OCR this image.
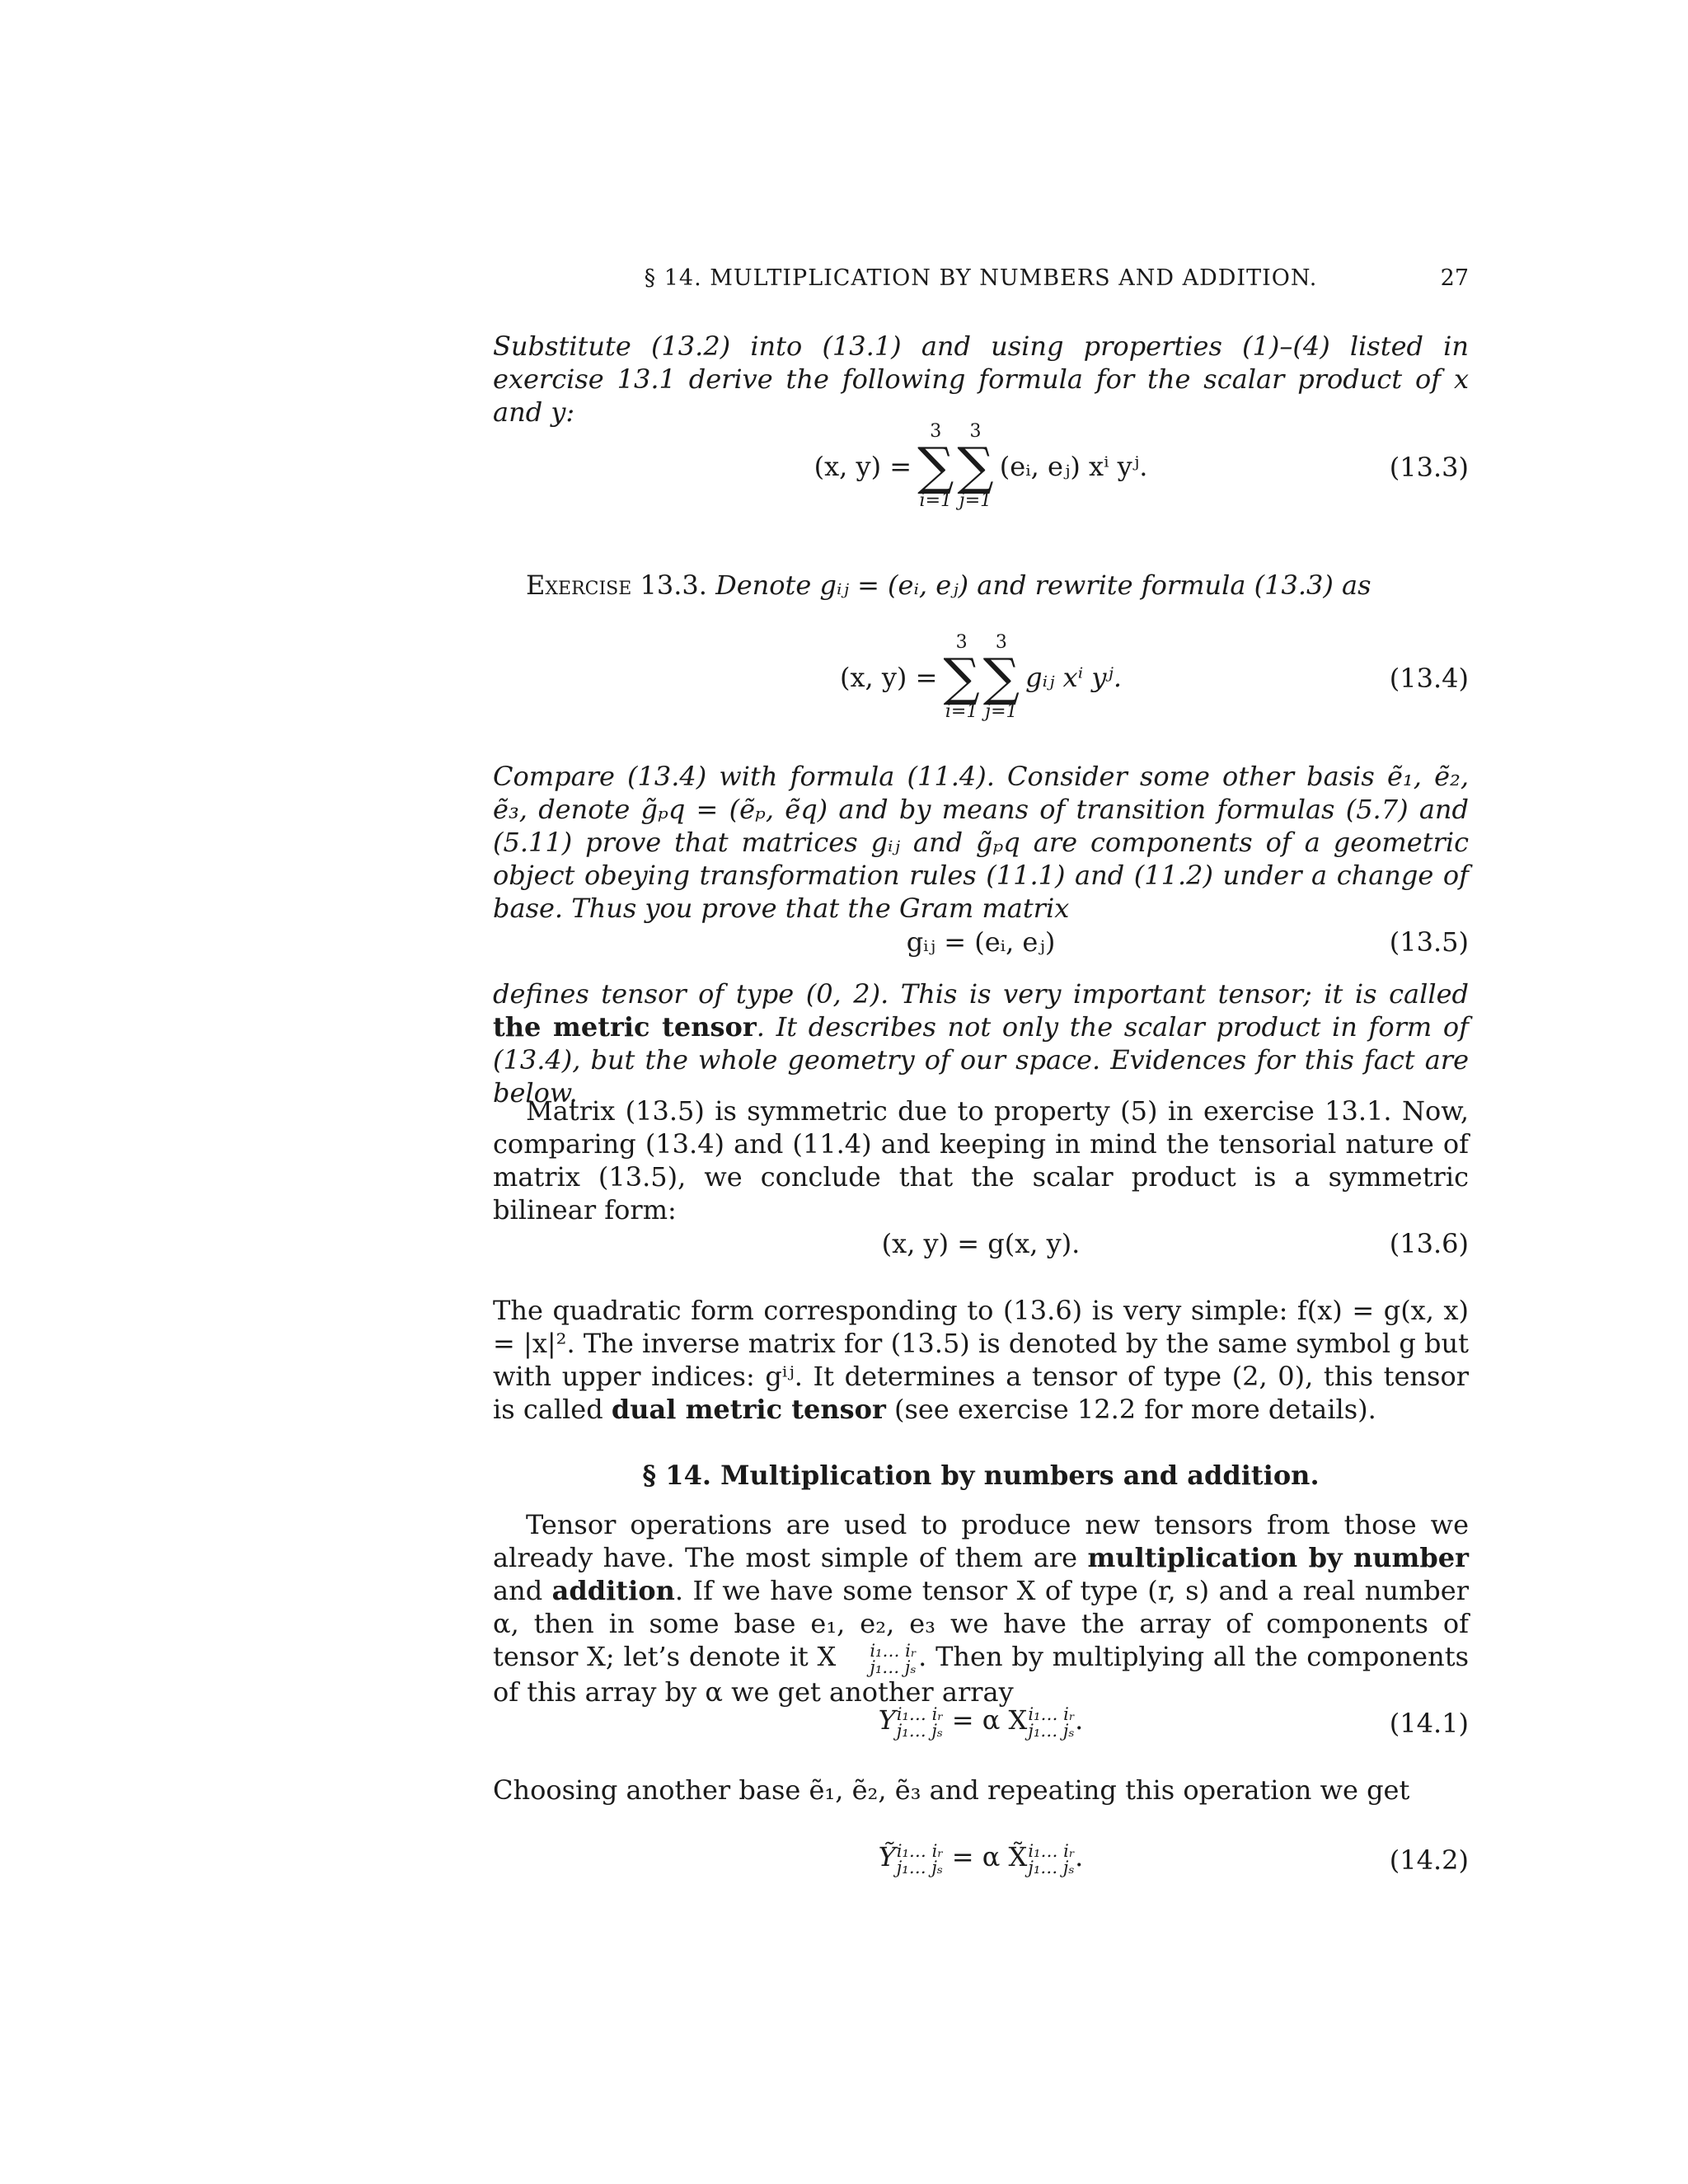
§ 14. MULTIPLICATION BY NUMBERS AND ADDITION.	27

Substitute (13.2) into (13.1) and using properties (1)–(4) listed in exercise 13.1 derive the following formula for the scalar product of x and y:

(x, y) =
3
∑
i=1
3
∑
j=1
(eᵢ, eⱼ) xⁱ yʲ.	(13.3)

Exercise 13.3. Denote gᵢⱼ = (eᵢ, eⱼ) and rewrite formula (13.3) as

(x, y) =
3
∑
i=1
3
∑
j=1
gᵢⱼ xⁱ yʲ.	(13.4)

Compare (13.4) with formula (11.4). Consider some other basis ẽ₁, ẽ₂, ẽ₃, denote g̃ₚq = (ẽₚ, ẽq) and by means of transition formulas (5.7) and (5.11) prove that matrices gᵢⱼ and g̃ₚq are components of a geometric object obeying transformation rules (11.1) and (11.2) under a change of base. Thus you prove that the Gram matrix

gᵢⱼ = (eᵢ, eⱼ)	(13.5)

defines tensor of type (0, 2). This is very important tensor; it is called the metric tensor. It describes not only the scalar product in form of (13.4), but the whole geometry of our space. Evidences for this fact are below.

Matrix (13.5) is symmetric due to property (5) in exercise 13.1. Now, comparing (13.4) and (11.4) and keeping in mind the tensorial nature of matrix (13.5), we conclude that the scalar product is a symmetric bilinear form:

(x, y) = g(x, y).	(13.6)

The quadratic form corresponding to (13.6) is very simple: f(x) = g(x, x) = |x|². The inverse matrix for (13.5) is denoted by the same symbol g but with upper indices: gⁱʲ. It determines a tensor of type (2, 0), this tensor is called dual metric tensor (see exercise 12.2 for more details).

§ 14. Multiplication by numbers and addition.

Tensor operations are used to produce new tensors from those we already have. The most simple of them are multiplication by number and addition. If we have some tensor X of type (r, s) and a real number α, then in some base e₁, e₂, e₃ we have the array of components of tensor X; let’s denote it X	i₁… iᵣ
j₁… jₛ . Then by multiplying all the components of this array by α we get another array

Y i₁… iᵣ
j₁… jₛ = α X i₁… iᵣ
j₁… jₛ .	(14.1)

Choosing another base ẽ₁, ẽ₂, ẽ₃ and repeating this operation we get

Ỹ i₁… iᵣ
j₁… jₛ = α X̃ i₁… iᵣ
j₁… jₛ .	(14.2)
